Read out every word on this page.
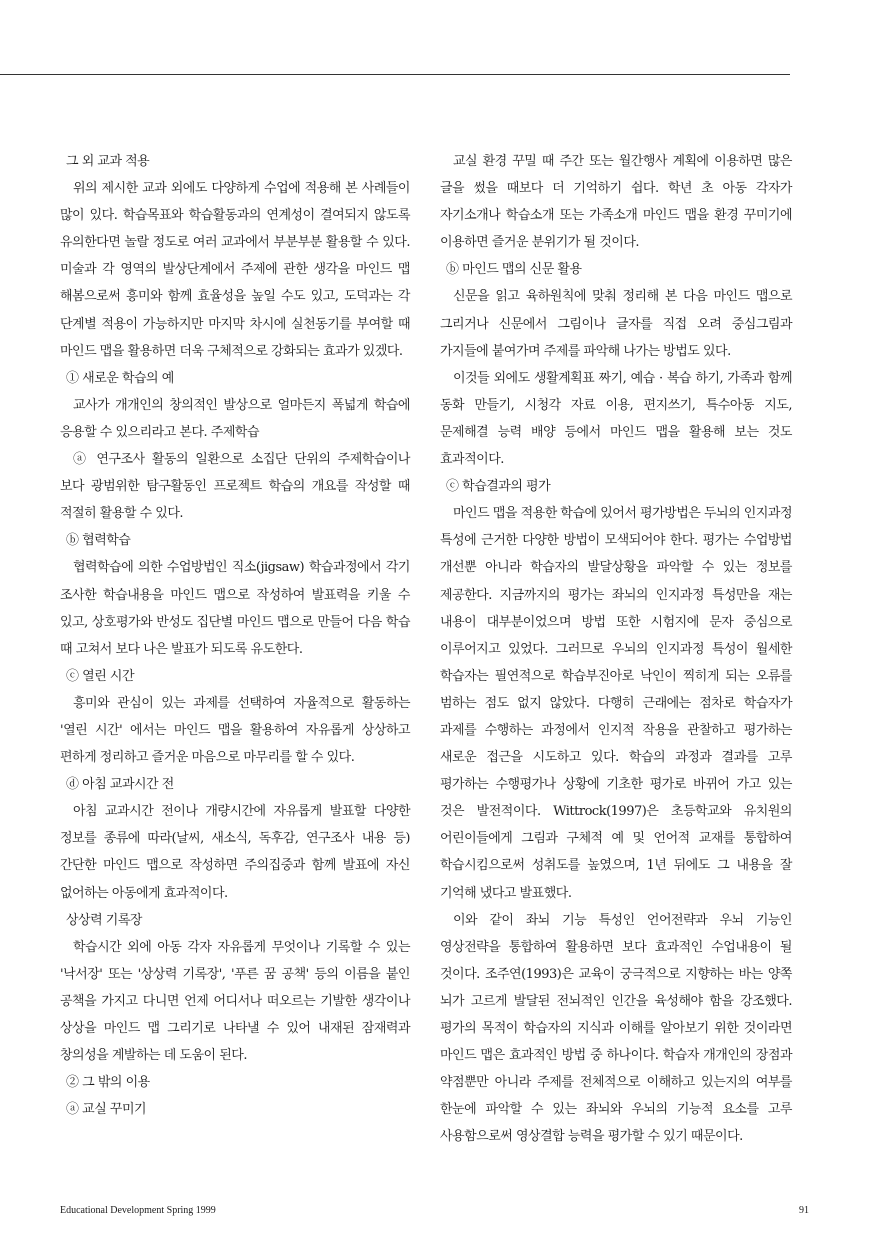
그 외 교과 적용

위의 제시한 교과 외에도 다양하게 수업에 적용해 본 사례들이 많이 있다. 학습목표와 학습활동과의 연계성이 결여되지 않도록 유의한다면 놀랄 정도로 여러 교과에서 부분부분 활용할 수 있다. 미술과 각 영역의 발상단계에서 주제에 관한 생각을 마인드 맵 해봄으로써 흥미와 함께 효율성을 높일 수도 있고, 도덕과는 각 단계별 적용이 가능하지만 마지막 차시에 실천동기를 부여할 때 마인드 맵을 활용하면 더욱 구체적으로 강화되는 효과가 있겠다.

① 새로운 학습의 예

교사가 개개인의 창의적인 발상으로 얼마든지 폭넓게 학습에 응용할 수 있으리라고 본다. 주제학습

ⓐ 연구조사 활동의 일환으로 소집단 단위의 주제학습이나 보다 광범위한 탐구활동인 프로젝트 학습의 개요를 작성할 때 적절히 활용할 수 있다.

ⓑ 협력학습

협력학습에 의한 수업방법인 직소(jigsaw) 학습과정에서 각기 조사한 학습내용을 마인드 맵으로 작성하여 발표력을 키울 수 있고, 상호평가와 반성도 집단별 마인드 맵으로 만들어 다음 학습 때 고쳐서 보다 나은 발표가 되도록 유도한다.

ⓒ 열린 시간

흥미와 관심이 있는 과제를 선택하여 자율적으로 활동하는 '열린 시간' 에서는 마인드 맵을 활용하여 자유롭게 상상하고 편하게 정리하고 즐거운 마음으로 마무리를 할 수 있다.

ⓓ 아침 교과시간 전

아침 교과시간 전이나 개량시간에 자유롭게 발표할 다양한 정보를 종류에 따라(날씨, 새소식, 독후감, 연구조사 내용 등) 간단한 마인드 맵으로 작성하면 주의집중과 함께 발표에 자신 없어하는 아동에게 효과적이다.

상상력 기록장

학습시간 외에 아동 각자 자유롭게 무엇이나 기록할 수 있는 '낙서장' 또는 '상상력 기록장', '푸른 꿈 공책' 등의 이름을 붙인 공책을 가지고 다니면 언제 어디서나 떠오르는 기발한 생각이나 상상을 마인드 맵 그리기로 나타낼 수 있어 내재된 잠재력과 창의성을 계발하는 데 도움이 된다.

② 그 밖의 이용

ⓐ 교실 꾸미기

교실 환경 꾸밀 때 주간 또는 월간행사 계획에 이용하면 많은 글을 썼을 때보다 더 기억하기 쉽다. 학년 초 아동 각자가 자기소개나 학습소개 또는 가족소개 마인드 맵을 환경 꾸미기에 이용하면 즐거운 분위기가 될 것이다.

ⓑ 마인드 맵의 신문 활용

신문을 읽고 육하원칙에 맞춰 정리해 본 다음 마인드 맵으로 그리거나 신문에서 그림이나 글자를 직접 오려 중심그림과 가지들에 붙여가며 주제를 파악해 나가는 방법도 있다.

이것들 외에도 생활계획표 짜기, 예습 · 복습 하기, 가족과 함께 동화 만들기, 시청각 자료 이용, 편지쓰기, 특수아동 지도, 문제해결 능력 배양 등에서 마인드 맵을 활용해 보는 것도 효과적이다.

ⓒ 학습결과의 평가

마인드 맵을 적용한 학습에 있어서 평가방법은 두뇌의 인지과정 특성에 근거한 다양한 방법이 모색되어야 한다. 평가는 수업방법 개선뿐 아니라 학습자의 발달상황을 파악할 수 있는 정보를 제공한다. 지금까지의 평가는 좌뇌의 인지과정 특성만을 재는 내용이 대부분이었으며 방법 또한 시험지에 문자 중심으로 이루어지고 있었다. 그러므로 우뇌의 인지과정 특성이 월세한 학습자는 필연적으로 학습부진아로 낙인이 찍히게 되는 오류를 범하는 점도 없지 않았다. 다행히 근래에는 점차로 학습자가 과제를 수행하는 과정에서 인지적 작용을 관찰하고 평가하는 새로운 접근을 시도하고 있다. 학습의 과정과 결과를 고루 평가하는 수행평가나 상황에 기초한 평가로 바뀌어 가고 있는 것은 발전적이다. Wittrock(1997)은 초등학교와 유치원의 어린이들에게 그림과 구체적 예 및 언어적 교재를 통합하여 학습시킴으로써 성취도를 높였으며, 1년 뒤에도 그 내용을 잘 기억해 냈다고 발표했다.

이와 같이 좌뇌 기능 특성인 언어전략과 우뇌 기능인 영상전략을 통합하여 활용하면 보다 효과적인 수업내용이 될 것이다. 조주연(1993)은 교육이 궁극적으로 지향하는 바는 양쪽 뇌가 고르게 발달된 전뇌적인 인간을 육성해야 함을 강조했다. 평가의 목적이 학습자의 지식과 이해를 알아보기 위한 것이라면 마인드 맵은 효과적인 방법 중 하나이다. 학습자 개개인의 장점과 약점뿐만 아니라 주제를 전체적으로 이해하고 있는지의 여부를 한눈에 파악할 수 있는 좌뇌와 우뇌의 기능적 요소를 고루 사용함으로써 영상결합 능력을 평가할 수 있기 때문이다.

Educational Development Spring 1999	91
